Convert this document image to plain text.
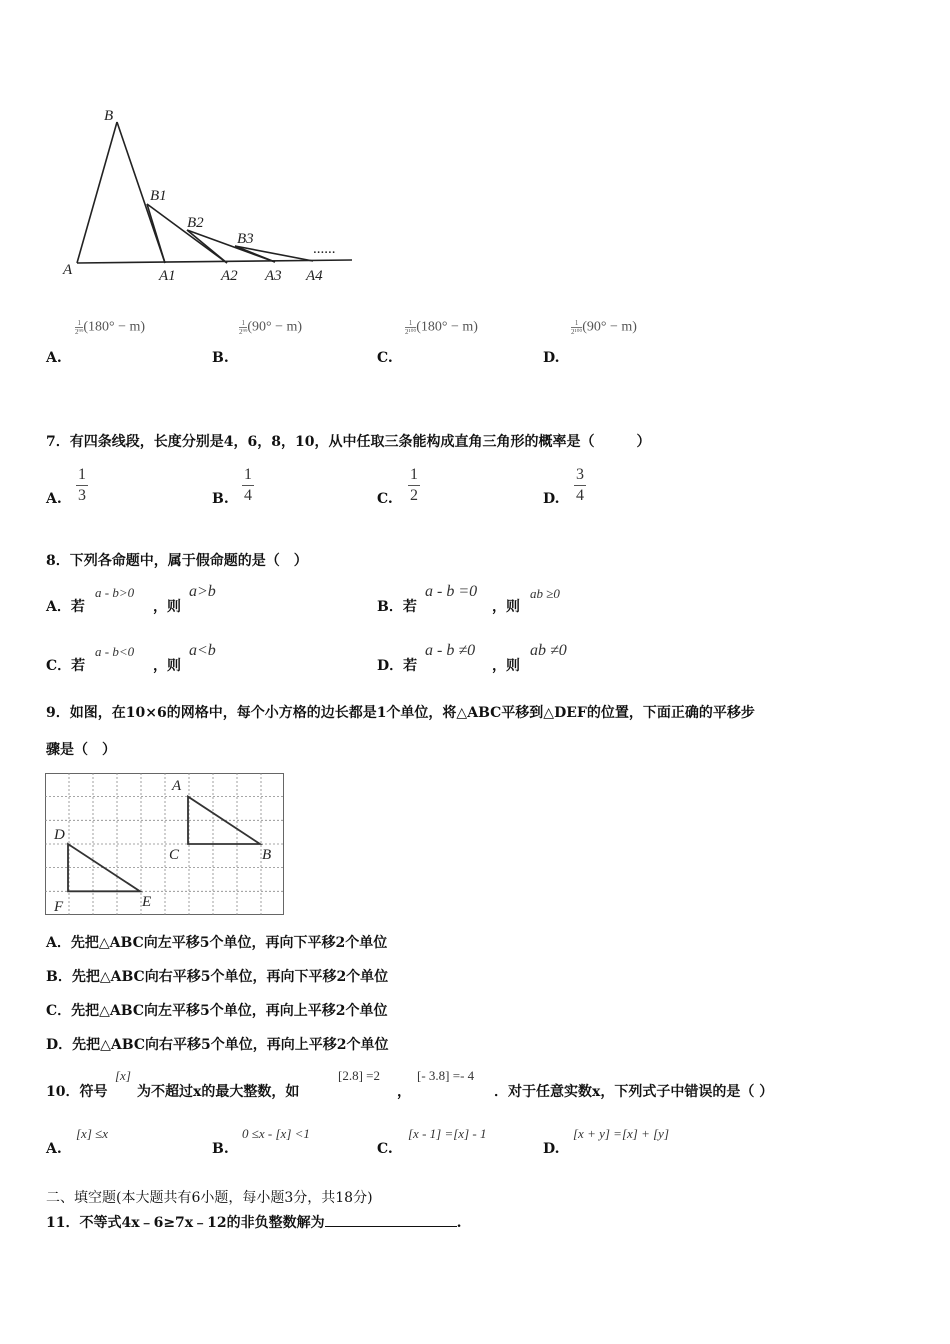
B
B1
B2
B3
A	A1	A2 A3 A4
......
$\frac{1}{\text{2⁹⁹}}(180^\circ - m)$
A.
$\frac{1}{\text{2⁹⁹}}(90^\circ - m)$
B.
$\frac{1}{\text{2¹⁰⁰}}(180^\circ - m)$
C.
$\frac{1}{\text{2¹⁰⁰}}(90^\circ - m)$
D.
7．有四条线段，长度分别是4，6，8，10，从中任取三条能构成直角三角形的概率是（　　　）
A.
1
3	B.
1
4	C.
1
2	D.
3
4
8．下列各命题中，属于假命题的是（　）
A．若
a - b>0
，则
a>b
B．若
a - b =0
，则
ab ≥0
C．若
a - b<0
，则
a<b
D．若
a - b ≠0
，则
ab ≠0
9．如图，在10×6的网格中，每个小方格的边长都是1个单位，将△ABC平移到△DEF的位置，下面正确的平移步
骤是（　）
A
C	B
D
F	E
A．先把△ABC向左平移5个单位，再向下平移2个单位
B．先把△ABC向右平移5个单位，再向下平移2个单位
C．先把△ABC向左平移5个单位，再向上平移2个单位
D．先把△ABC向右平移5个单位，再向上平移2个单位
10．符号
[x]
为不超过x的最大整数，如
[2.8] =2
，
[- 3.8] =- 4
．对于任意实数x，下列式子中错误的是（ ）
A.
[x] ≤x
B.
0 ≤x - [x] <1
C.
[x - 1] =[x] - 1
D.
[x + y] =[x] + [y]
二、填空题(本大题共有6小题，每小题3分，共18分)
11．不等式4x﹣6≥7x﹣12的非负整数解为	.
